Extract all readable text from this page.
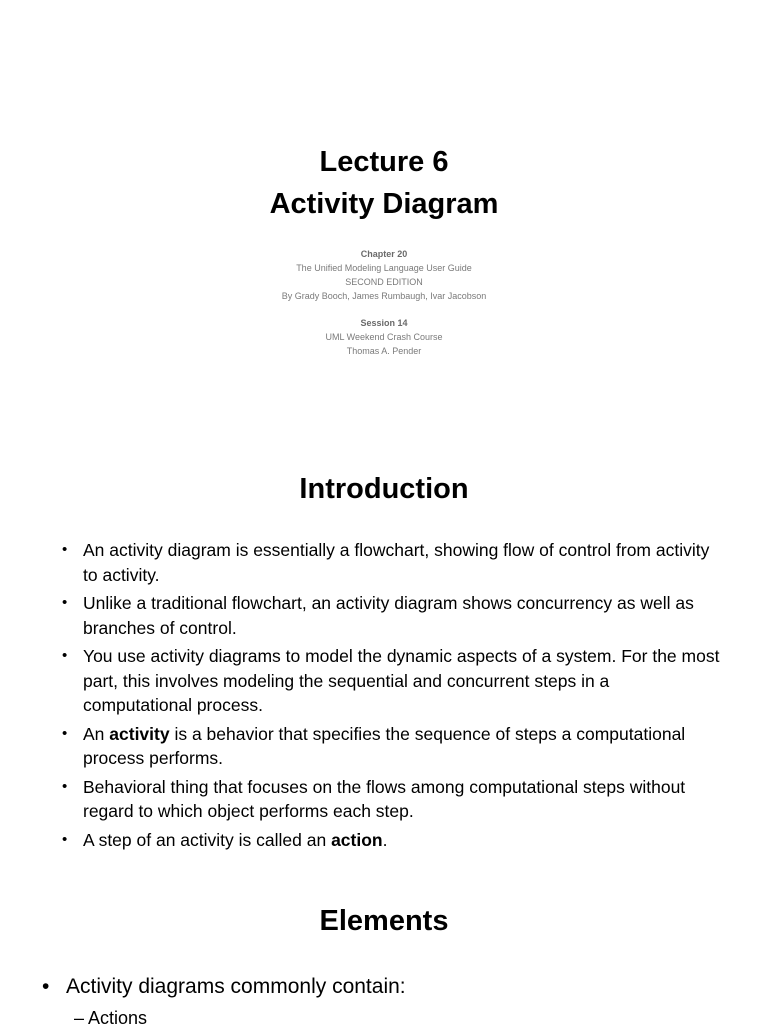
Lecture 6
Activity Diagram
Chapter 20
The Unified Modeling Language User Guide
SECOND EDITION
By Grady Booch, James Rumbaugh, Ivar Jacobson
Session 14
UML Weekend Crash Course
Thomas A. Pender
Introduction
• An activity diagram is essentially a flowchart, showing flow of control from activity to activity.
• Unlike a traditional flowchart, an activity diagram shows concurrency as well as branches of control.
• You use activity diagrams to model the dynamic aspects of a system. For the most part, this involves modeling the sequential and concurrent steps in a computational process.
• An activity is a behavior that specifies the sequence of steps a computational process performs.
• Behavioral thing that focuses on the flows among computational steps without regard to which object performs each step.
• A step of an activity is called an action.
Elements
• Activity diagrams commonly contain:
– Actions
